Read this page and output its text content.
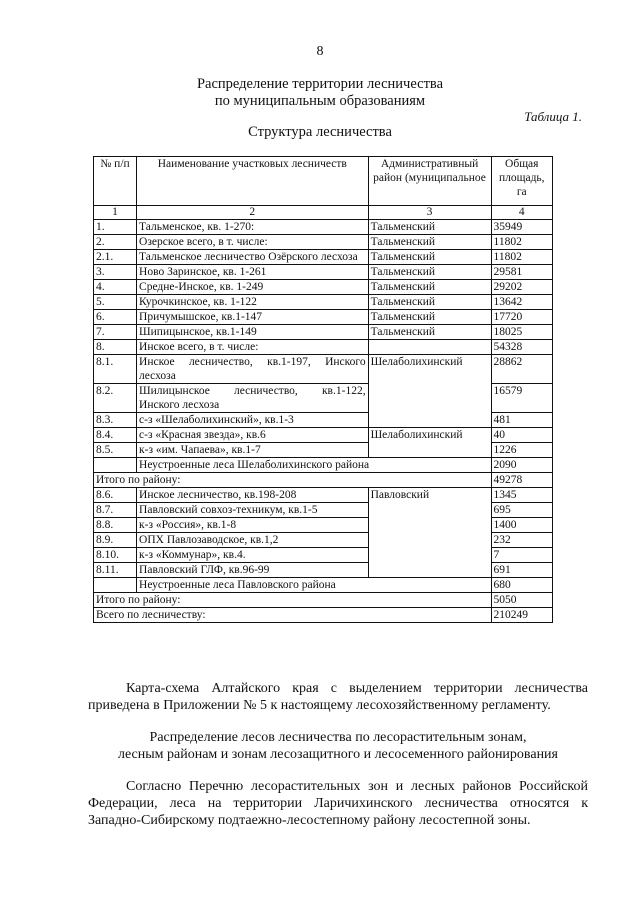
8
Распределение территории лесничества
по муниципальным образованиям
Таблица 1.
Структура лесничества
№ п/п	Наименование участковых лесничеств	Административный район (муниципальное	Общая площадь, га
1	2	3	4
1.	Тальменское, кв. 1-270:	Тальменский	35949
2.	Озерское всего, в т. числе:	Тальменский	11802
2.1.	Тальменское лесничество Озёрского лесхоза	Тальменский	11802
3.	Ново Заринское, кв. 1-261	Тальменский	29581
4.	Средне-Инское, кв. 1-249	Тальменский	29202
5.	Курочкинское, кв. 1-122	Тальменский	13642
6.	Причумышское, кв.1-147	Тальменский	17720
7.	Шипицынское, кв.1-149	Тальменский	18025
8.	Инское всего, в т. числе:		54328
8.1.	Инское лесничество, кв.1-197, Инского лесхоза	Шелаболихинский	28862
8.2.	Шилицынское лесничество, кв.1-122, Инского лесхоза		16579
8.3.	с-з «Шелаболихинский», кв.1-3		481
8.4.	с-з «Красная звезда», кв.6	Шелаболихинский	40
8.5.	к-з «им. Чапаева», кв.1-7		1226
	Неустроенные леса Шелаболихинского района		2090
Итого по району:			49278
8.6.	Инское лесничество, кв.198-208	Павловский	1345
8.7.	Павловский совхоз-техникум, кв.1-5		695
8.8.	к-з «Россия», кв.1-8		1400
8.9.	ОПХ Павлозаводское, кв.1,2		232
8.10.	к-з «Коммунар», кв.4.		7
8.11.	Павловский ГЛФ, кв.96-99		691
	Неустроенные леса Павловского района		680
Итого по району:			5050
Всего по лесничеству:			210249
Карта-схема Алтайского края с выделением территории лесничества
приведена в Приложении № 5 к настоящему лесохозяйственному регламенту.
Распределение лесов лесничества по лесорастительным зонам,
лесным районам и зонам лесозащитного и лесосеменного районирования
Согласно Перечню лесорастительных зон и лесных районов Российской
Федерации, леса на территории Ларичихинского лесничества относятся к
Западно-Сибирскому подтаежно-лесостепному району лесостепной зоны.
